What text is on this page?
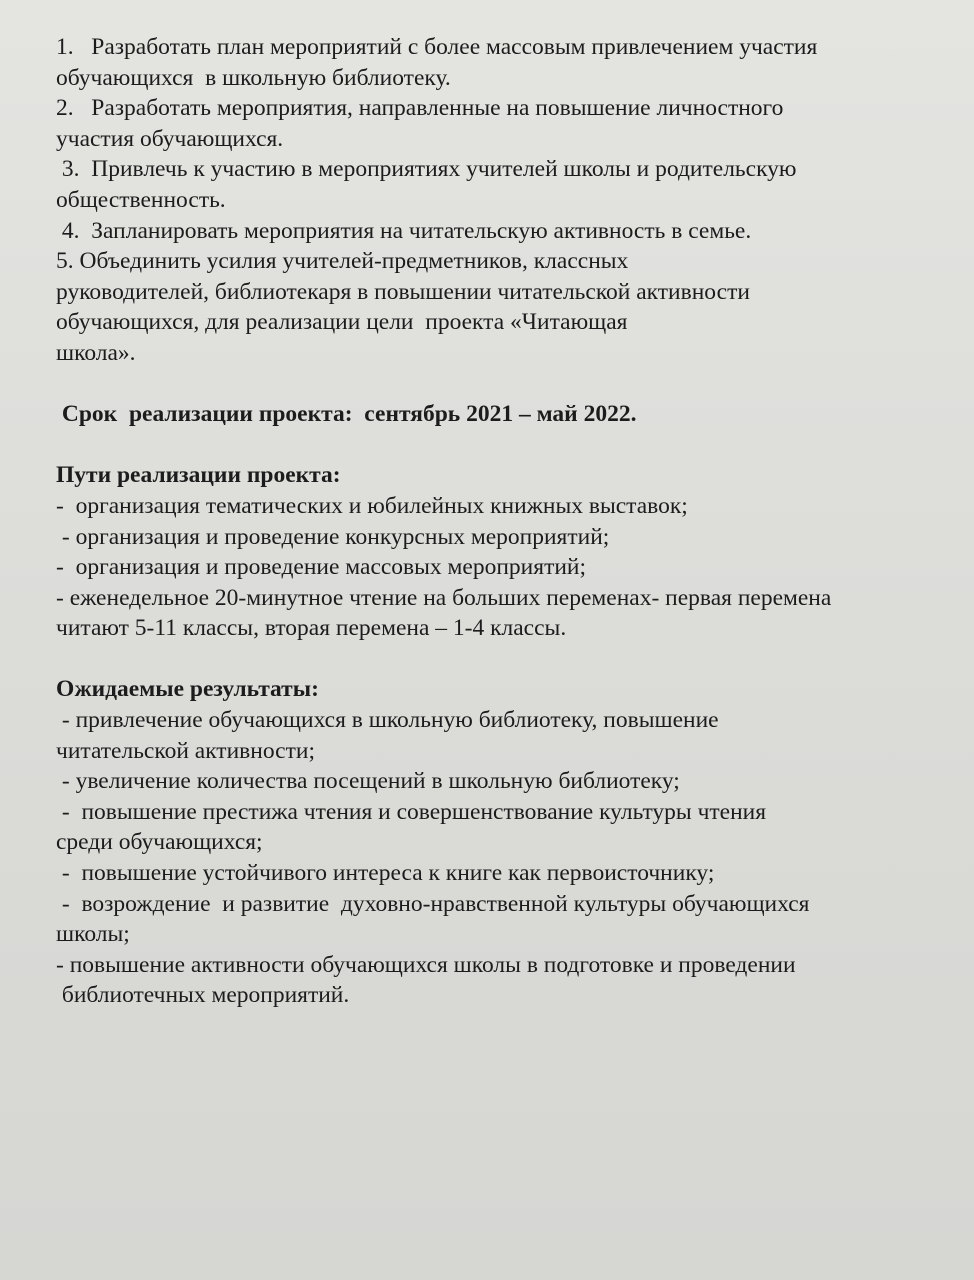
1.   Разработать план мероприятий с более массовым привлечением участия
обучающихся  в школьную библиотеку.
2.   Разработать мероприятия, направленные на повышение личностного
участия обучающихся.
3.  Привлечь к участию в мероприятиях учителей школы и родительскую
общественность.
4.  Запланировать мероприятия на читательскую активность в семье.
5. Объединить усилия учителей-предметников, классных
руководителей, библиотекаря в повышении читательской активности
обучающихся, для реализации цели  проекта «Читающая
школа».
Срок  реализации проекта:  сентябрь 2021 – май 2022.
Пути реализации проекта:
-  организация тематических и юбилейных книжных выставок;
- организация и проведение конкурсных мероприятий;
-  организация и проведение массовых мероприятий;
- еженедельное 20-минутное чтение на больших переменах- первая перемена
читают 5-11 классы, вторая перемена – 1-4 классы.
Ожидаемые результаты:
- привлечение обучающихся в школьную библиотеку, повышение
читательской активности;
- увеличение количества посещений в школьную библиотеку;
-  повышение престижа чтения и совершенствование культуры чтения
среди обучающихся;
-  повышение устойчивого интереса к книге как первоисточнику;
-  возрождение  и развитие  духовно-нравственной культуры обучающихся
школы;
- повышение активности обучающихся школы в подготовке и проведении
библиотечных мероприятий.
